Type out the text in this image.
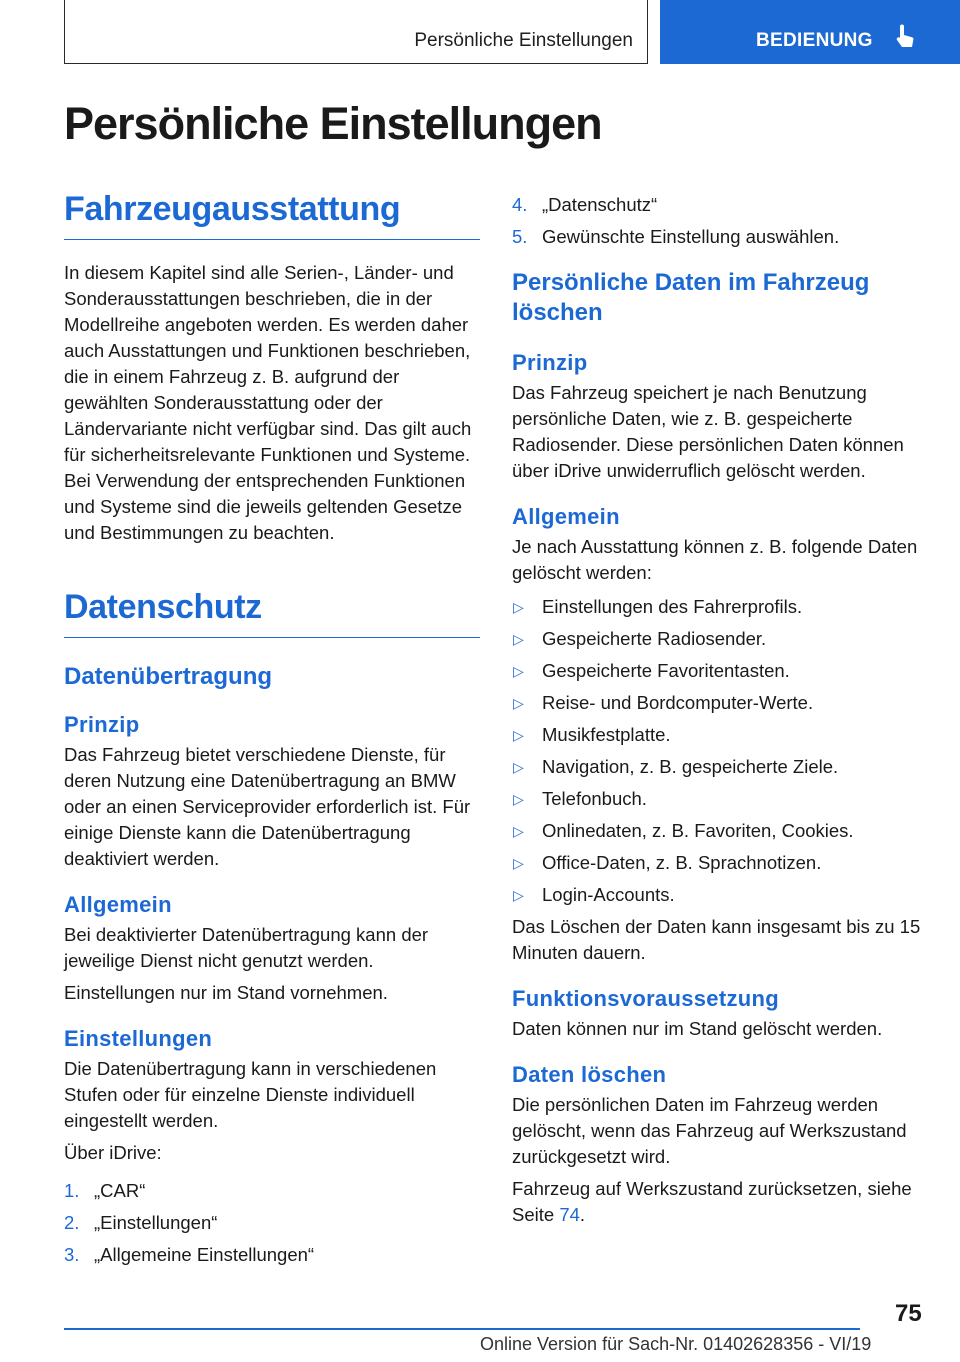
Persönliche Einstellungen	BEDIENUNG
Persönliche Einstellungen
Fahrzeugausstattung

In diesem Kapitel sind alle Serien-, Länder- und Sonderausstattungen beschrieben, die in der Modellreihe angeboten werden. Es werden daher auch Ausstattungen und Funktionen beschrieben, die in einem Fahrzeug z. B. aufgrund der gewählten Sonderausstattung oder der Ländervariante nicht verfügbar sind. Das gilt auch für sicherheitsrelevante Funktionen und Systeme. Bei Verwendung der entsprechenden Funktionen und Systeme sind die jeweils geltenden Gesetze und Bestimmungen zu beachten.

Datenschutz
Datenübertragung
Prinzip

Das Fahrzeug bietet verschiedene Dienste, für deren Nutzung eine Datenübertragung an BMW oder an einen Serviceprovider erforderlich ist. Für einige Dienste kann die Datenübertragung deaktiviert werden.

Allgemein

Bei deaktivierter Datenübertragung kann der jeweilige Dienst nicht genutzt werden.

Einstellungen nur im Stand vornehmen.

Einstellungen

Die Datenübertragung kann in verschiedenen Stufen oder für einzelne Dienste individuell eingestellt werden.

Über iDrive:

1. „CAR“
2. „Einstellungen“
3. „Allgemeine Einstellungen“
4. „Datenschutz“
5. Gewünschte Einstellung auswählen.
Persönliche Daten im Fahrzeug löschen
Prinzip

Das Fahrzeug speichert je nach Benutzung persönliche Daten, wie z. B. gespeicherte Radiosender. Diese persönlichen Daten können über iDrive unwiderruflich gelöscht werden.

Allgemein

Je nach Ausstattung können z. B. folgende Daten gelöscht werden:

▷ Einstellungen des Fahrerprofils.
▷ Gespeicherte Radiosender.
▷ Gespeicherte Favoritentasten.
▷ Reise- und Bordcomputer-Werte.
▷ Musikfestplatte.
▷ Navigation, z. B. gespeicherte Ziele.
▷ Telefonbuch.
▷ Onlinedaten, z. B. Favoriten, Cookies.
▷ Office-Daten, z. B. Sprachnotizen.
▷ Login-Accounts.

Das Löschen der Daten kann insgesamt bis zu 15 Minuten dauern.

Funktionsvoraussetzung

Daten können nur im Stand gelöscht werden.

Daten löschen

Die persönlichen Daten im Fahrzeug werden gelöscht, wenn das Fahrzeug auf Werkszustand zurückgesetzt wird.

Fahrzeug auf Werkszustand zurücksetzen, siehe Seite 74.

75
Online Version für Sach-Nr. 01402628356 - VI/19
